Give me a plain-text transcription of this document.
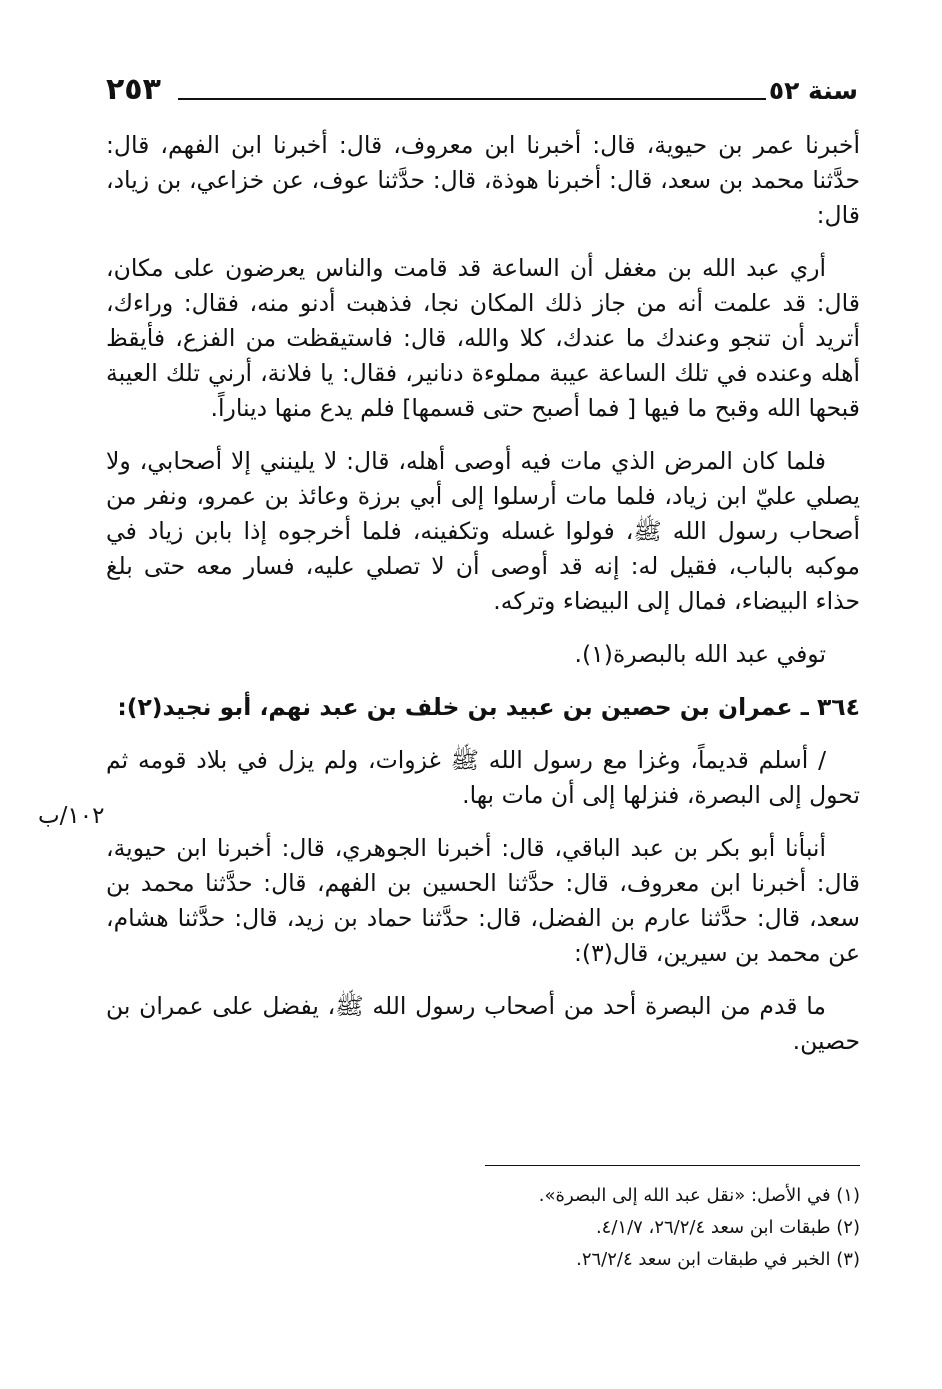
سنة ٥٢
٢٥٣

أخبرنا عمر بن حيوية، قال: أخبرنا ابن معروف، قال: أخبرنا ابن الفهم، قال: حدَّثنا محمد بن سعد، قال: أخبرنا هوذة، قال: حدَّثنا عوف، عن خزاعي، بن زياد، قال:

أري عبد الله بن مغفل أن الساعة قد قامت والناس يعرضون على مكان، قال: قد علمت أنه من جاز ذلك المكان نجا، فذهبت أدنو منه، فقال: وراءك، أتريد أن تنجو وعندك ما عندك، كلا والله، قال: فاستيقظت من الفزع، فأيقظ أهله وعنده في تلك الساعة عيبة مملوءة دنانير، فقال: يا فلانة، أرني تلك العيبة قبحها الله وقبح ما فيها [ فما أصبح حتى قسمها] فلم يدع منها ديناراً.

فلما كان المرض الذي مات فيه أوصى أهله، قال: لا يلينني إلا أصحابي، ولا يصلي عليّ ابن زياد، فلما مات أرسلوا إلى أبي برزة وعائذ بن عمرو، ونفر من أصحاب رسول الله ﷺ، فولوا غسله وتكفينه، فلما أخرجوه إذا بابن زياد في موكبه بالباب، فقيل له: إنه قد أوصى أن لا تصلي عليه، فسار معه حتى بلغ حذاء البيضاء، فمال إلى البيضاء وتركه.

توفي عبد الله بالبصرة(١).

٣٦٤ ـ عمران بن حصين بن عبيد بن خلف بن عبد نهم، أبو نجيد(٢):

/ أسلم قديماً، وغزا مع رسول الله ﷺ غزوات، ولم يزل في بلاد قومه ثم تحول إلى البصرة، فنزلها إلى أن مات بها.

أنبأنا أبو بكر بن عبد الباقي، قال: أخبرنا الجوهري، قال: أخبرنا ابن حيوية، قال: أخبرنا ابن معروف، قال: حدَّثنا الحسين بن الفهم، قال: حدَّثنا محمد بن سعد، قال: حدَّثنا عارم بن الفضل، قال: حدَّثنا حماد بن زيد، قال: حدَّثنا هشام، عن محمد بن سيرين، قال(٣):

ما قدم من البصرة أحد من أصحاب رسول الله ﷺ، يفضل على عمران بن حصين.

١٠٢/ب
(١) في الأصل: «نقل عبد الله إلى البصرة».
(٢) طبقات ابن سعد ٢٦/٢/٤، ٤/١/٧.
(٣) الخبر في طبقات ابن سعد ٢٦/٢/٤.
